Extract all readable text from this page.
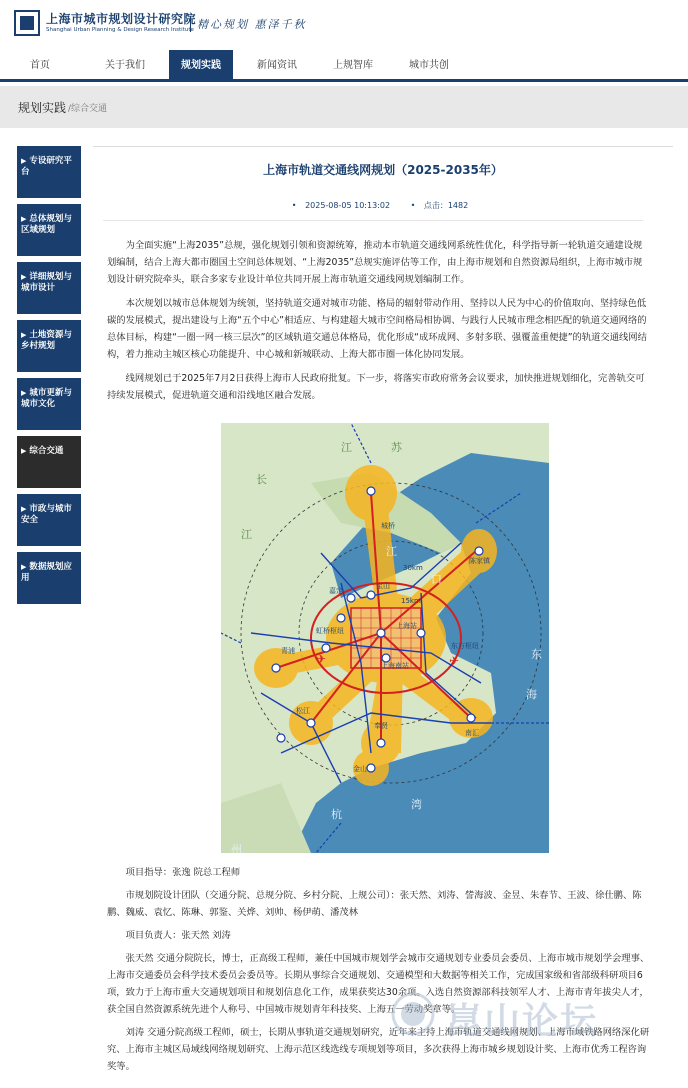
上海市城市规划设计研究院
Shanghai Urban Planning & Design Research Institute 精心规划 惠泽千秋
首页	关于我们	规划实践	新闻资讯	上规智库	城市共创
规划实践 /综合交通
▶ 专设研究平台
▶ 总体规划与区域规划
▶ 详细规划与城市设计
▶ 土地资源与乡村规划
▶ 城市更新与城市文化
▶ 综合交通
▶ 市政与城市安全
▶ 数据规划应用
上海市轨道交通线网规划（2025-2035年）
• 2025-08-05 10:13:02	• 点击：1482

为全面实施“上海2035”总规，强化规划引领和资源统筹，推动本市轨道交通线网系统性优化，科学指导新一轮轨道交通建设规划编制，结合上海大都市圈国土空间总体规划、“上海2035”总规实施评估等工作，由上海市规划和自然资源局组织，上海市城市规划设计研究院牵头，联合多家专业设计单位共同开展上海市轨道交通线网规划编制工作。

本次规划以城市总体规划为统领，坚持轨道交通对城市功能、格局的辐射带动作用、坚持以人民为中心的价值取向、坚持绿色低碳的发展模式，提出建设与上海“五个中心”相适应、与构建超大城市空间格局相协调、与践行人民城市理念相匹配的轨道交通网络的总体目标，构建“一圈一网一核三层次”的区域轨道交通总体格局，优化形成“成环成网、多射多联、强覆盖重便捷”的轨道交通线网结构，着力推动主城区核心功能提升、中心城和新城联动、上海大都市圈一体化协同发展。

线网规划已于2025年7月2日获得上海市人民政府批复。下一步，将落实市政府常务会议要求，加快推进规划细化，完善轨交可持续发展模式，促进轨道交通和沿线地区融合发展。

✈	✈
江	苏
长
江
江
口
东
海
杭
湾
州
城桥
陈家镇
宝山
嘉定
虹桥枢纽
青浦
上海南站
东方枢纽
松江
奉贤
南汇
金山
30km
15km
上海站

项目指导：张逸 院总工程师

市规划院设计团队（交通分院、总规分院、乡村分院、上规公司）：张天然、刘涛、訾海波、金昱、朱春节、王波、徐仕鹏、陈鹏、魏威、袁忆、陈琳、郭鉴、关烨、刘帅、杨伊萌、潘茂林

项目负责人：张天然 刘涛

张天然 交通分院院长，博士，正高级工程师，兼任中国城市规划学会城市交通规划专业委员会委员、上海市城市规划学会理事、上海市交通委员会科学技术委员会委员等。长期从事综合交通规划、交通模型和大数据等相关工作，完成国家级和省部级科研项目6项，致力于上海市重大交通规划项目和规划信息化工作，成果获奖达30余项。入选自然资源部科技领军人才、上海市青年拔尖人才，获全国自然资源系统先进个人称号、中国城市规划青年科技奖、上海五一劳动奖章等。

刘涛 交通分院高级工程师，硕士，长期从事轨道交通规划研究，近年来主持上海市轨道交通线网规划、上海市域铁路网络深化研究、上海市主城区局域线网络规划研究、上海示范区线选线专项规划等项目，多次获得上海市城乡规划设计奖、上海市优秀工程咨询奖等。

崑山论坛
